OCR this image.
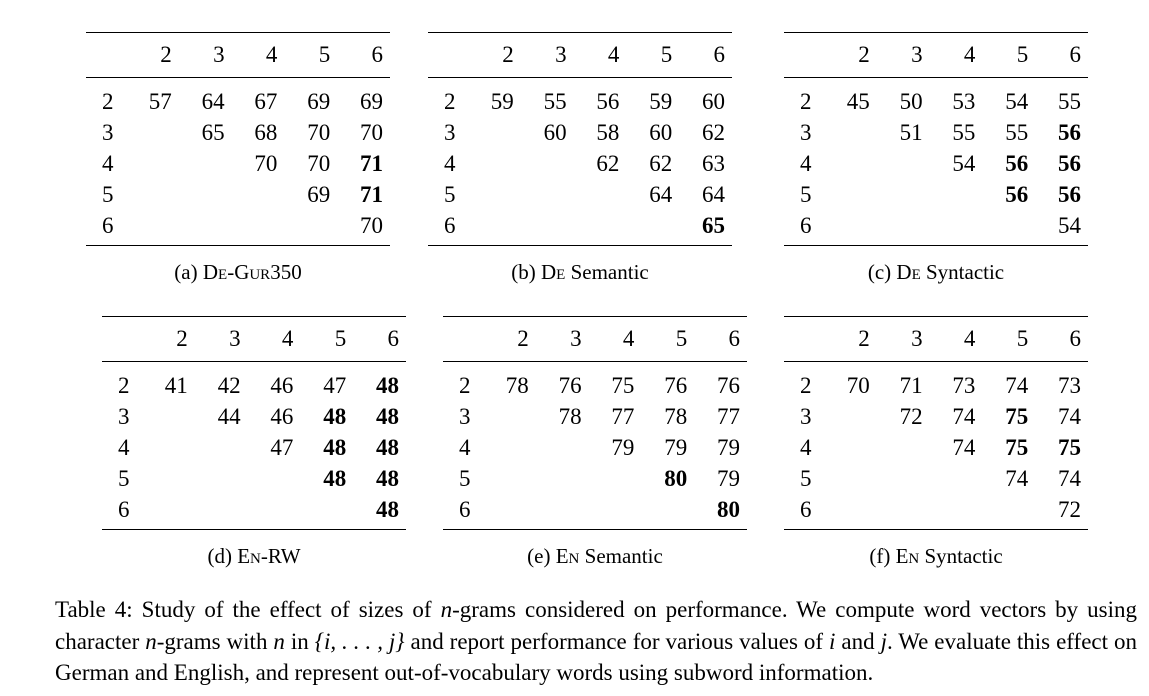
	2	3	4	5	6
2	57	64	67	69	69
3		65	68	70	70
4			70	70	71
5				69	71
6					70
(a) De-Gur350
	2	3	4	5	6
2	59	55	56	59	60
3		60	58	60	62
4			62	62	63
5				64	64
6					65
(b) De Semantic
	2	3	4	5	6
2	45	50	53	54	55
3		51	55	55	56
4			54	56	56
5				56	56
6					54
(c) De Syntactic
	2	3	4	5	6
2	41	42	46	47	48
3		44	46	48	48
4			47	48	48
5				48	48
6					48
(d) En-RW
	2	3	4	5	6
2	78	76	75	76	76
3		78	77	78	77
4			79	79	79
5				80	79
6					80
(e) En Semantic
	2	3	4	5	6
2	70	71	73	74	73
3		72	74	75	74
4			74	75	75
5				74	74
6					72
(f) En Syntactic
Table 4: Study of the effect of sizes of n-grams considered on performance. We compute word vectors by using character n-grams with n in {i, . . . , j} and report performance for various values of i and j. We evaluate this effect on German and English, and represent out-of-vocabulary words using subword information.
